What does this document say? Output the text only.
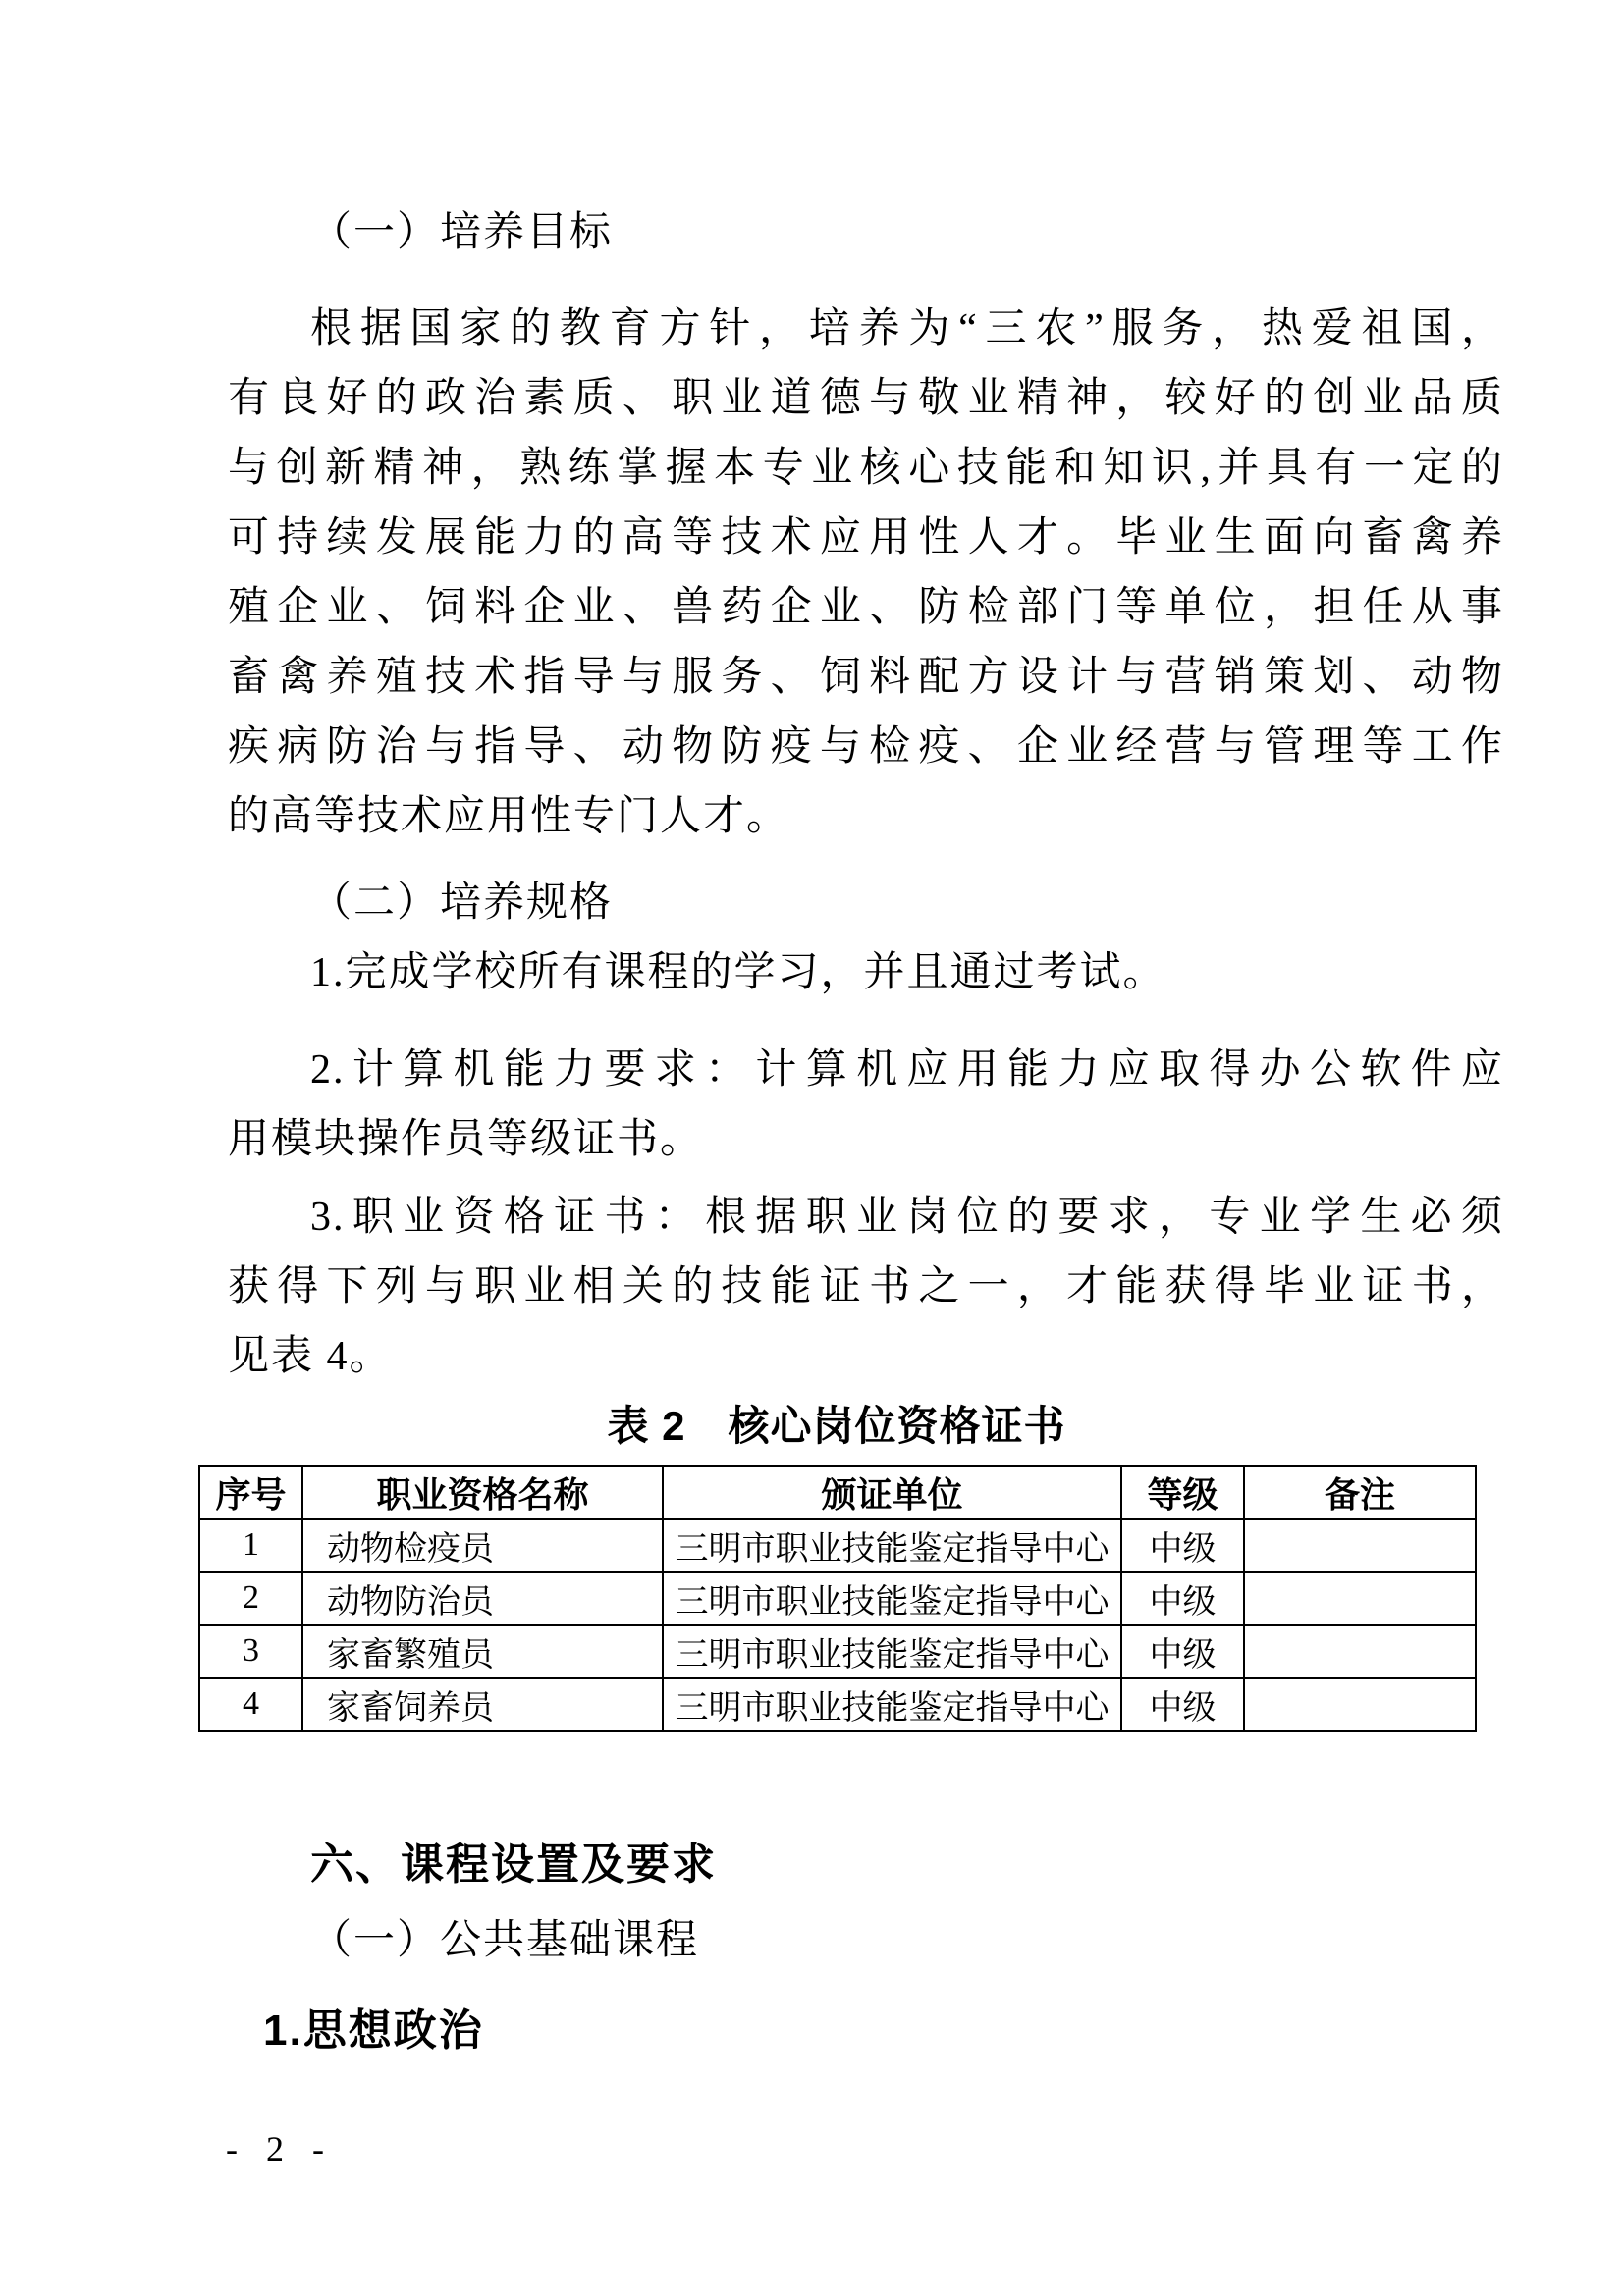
（一）培养目标
根据国家的教育方针，培养为“三农”服务，热爱祖国，
有良好的政治素质、职业道德与敬业精神，较好的创业品质
与创新精神，熟练掌握本专业核心技能和知识,并具有一定的
可持续发展能力的高等技术应用性人才。毕业生面向畜禽养
殖企业、饲料企业、兽药企业、防检部门等单位，担任从事
畜禽养殖技术指导与服务、饲料配方设计与营销策划、动物
疾病防治与指导、动物防疫与检疫、企业经营与管理等工作
的高等技术应用性专门人才。
（二）培养规格
1.完成学校所有课程的学习，并且通过考试。
2.计算机能力要求：计算机应用能力应取得办公软件应
用模块操作员等级证书。
3.职业资格证书：根据职业岗位的要求，专业学生必须
获得下列与职业相关的技能证书之一，才能获得毕业证书，
见表 4。
表 2　核心岗位资格证书
序号	职业资格名称	颁证单位	等级	备注
1	动物检疫员	三明市职业技能鉴定指导中心	中级	
2	动物防治员	三明市职业技能鉴定指导中心	中级	
3	家畜繁殖员	三明市职业技能鉴定指导中心	中级	
4	家畜饲养员	三明市职业技能鉴定指导中心	中级	
六、课程设置及要求
（一）公共基础课程
1.思想政治
- 2 -
